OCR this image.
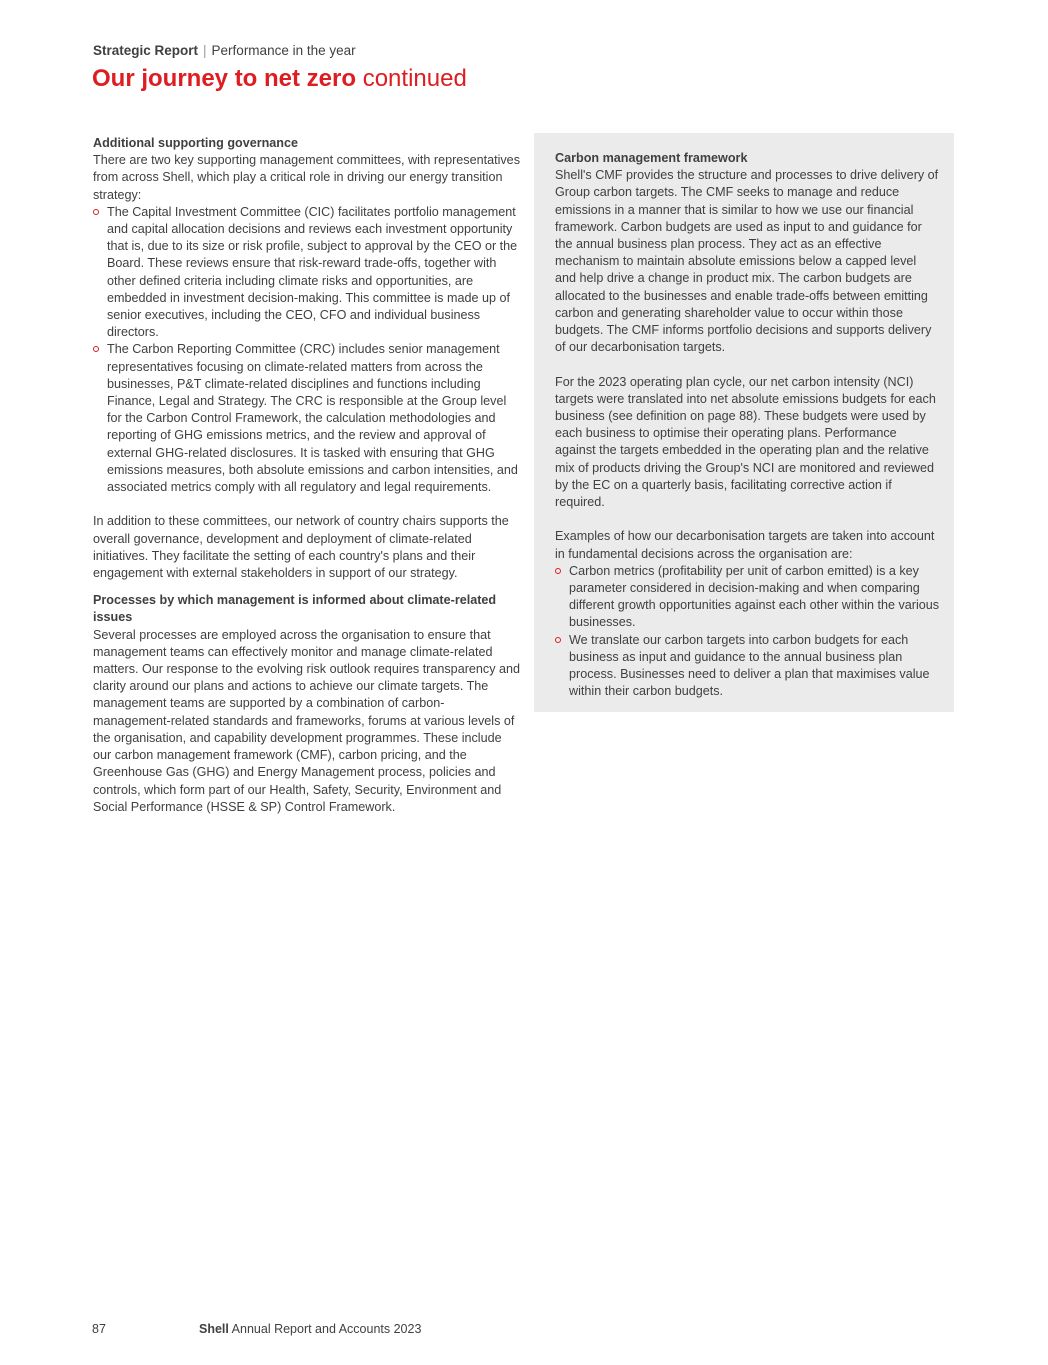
Strategic Report | Performance in the year
Our journey to net zero continued
Additional supporting governance

There are two key supporting management committees, with representatives from across Shell, which play a critical role in driving our energy transition strategy:

The Capital Investment Committee (CIC) facilitates portfolio management and capital allocation decisions and reviews each investment opportunity that is, due to its size or risk profile, subject to approval by the CEO or the Board. These reviews ensure that risk-reward trade-offs, together with other defined criteria including climate risks and opportunities, are embedded in investment decision-making. This committee is made up of senior executives, including the CEO, CFO and individual business directors.
The Carbon Reporting Committee (CRC) includes senior management representatives focusing on climate-related matters from across the businesses, P&T climate-related disciplines and functions including Finance, Legal and Strategy. The CRC is responsible at the Group level for the Carbon Control Framework, the calculation methodologies and reporting of GHG emissions metrics, and the review and approval of external GHG-related disclosures. It is tasked with ensuring that GHG emissions measures, both absolute emissions and carbon intensities, and associated metrics comply with all regulatory and legal requirements.

In addition to these committees, our network of country chairs supports the overall governance, development and deployment of climate-related initiatives. They facilitate the setting of each country's plans and their engagement with external stakeholders in support of our strategy.

Processes by which management is informed about climate-related issues

Several processes are employed across the organisation to ensure that management teams can effectively monitor and manage climate-related matters. Our response to the evolving risk outlook requires transparency and clarity around our plans and actions to achieve our climate targets. The management teams are supported by a combination of carbon-management-related standards and frameworks, forums at various levels of the organisation, and capability development programmes. These include our carbon management framework (CMF), carbon pricing, and the Greenhouse Gas (GHG) and Energy Management process, policies and controls, which form part of our Health, Safety, Security, Environment and Social Performance (HSSE & SP) Control Framework.

Carbon management framework

Shell's CMF provides the structure and processes to drive delivery of Group carbon targets. The CMF seeks to manage and reduce emissions in a manner that is similar to how we use our financial framework. Carbon budgets are used as input to and guidance for the annual business plan process. They act as an effective mechanism to maintain absolute emissions below a capped level and help drive a change in product mix. The carbon budgets are allocated to the businesses and enable trade-offs between emitting carbon and generating shareholder value to occur within those budgets. The CMF informs portfolio decisions and supports delivery of our decarbonisation targets.

For the 2023 operating plan cycle, our net carbon intensity (NCI) targets were translated into net absolute emissions budgets for each business (see definition on page 88). These budgets were used by each business to optimise their operating plans. Performance against the targets embedded in the operating plan and the relative mix of products driving the Group's NCI are monitored and reviewed by the EC on a quarterly basis, facilitating corrective action if required.

Examples of how our decarbonisation targets are taken into account in fundamental decisions across the organisation are:

Carbon metrics (profitability per unit of carbon emitted) is a key parameter considered in decision-making and when comparing different growth opportunities against each other within the various businesses.
We translate our carbon targets into carbon budgets for each business as input and guidance to the annual business plan process. Businesses need to deliver a plan that maximises value within their carbon budgets.
87	Shell Annual Report and Accounts 2023
